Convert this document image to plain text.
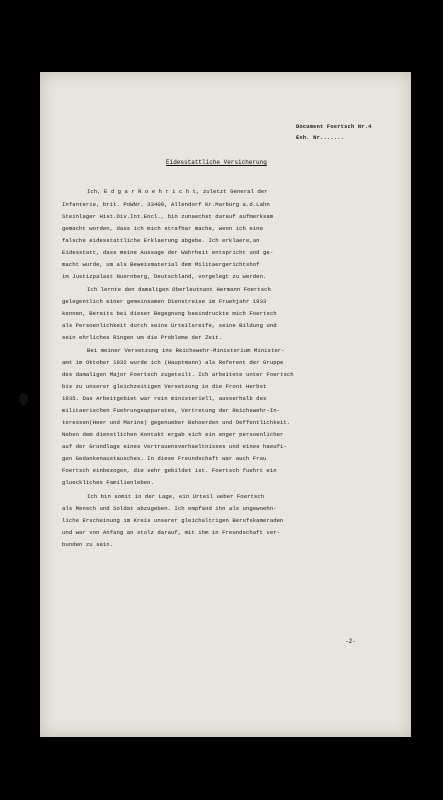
Document Foertsch Nr.4
Exh. Nr.......
Eidesstattliche Versicherung
Ich, E d g a r R o e h r i c h t, zuletzt General der
Infanterie, brit. PoWNr. 33409, Allendorf Kr.Marburg a.d.Lahn
Steinlager Hist.Div.Int.Encl., bin zunaechst darauf aufmerksam
gemacht worden, dass ich mich strafbar mache, wenn ich eine
falsche eidesstattliche Erklaerung abgebe. Ich erklaere,an
Eidesstatt, dass meine Aussage der Wahrheit entspricht und ge-
macht wurde, um als Beweismaterial dem Militaergerichtshof
im Justizpalast Nuernberg, Deutschland, vorgelegt zu werden.
Ich lernte den damaligen Oberleutnant Hermann Foertsch
gelegentlich einer gemeinsamen Dienstreise im Fruehjahr 1933
kennen, Bereits bei dieser Begegnung beeindruckte mich Foertsch
als Persoenlichkeit durch seine Urteilsreife, seine Bildung und
sein ehrliches Ringen um die Probleme der Zeit.
Bei meiner Versetzung ins Reichswehr-Ministerium Minister-
amt im Oktober 1932 wurde ich (Hauptmann) als Referent der Gruppe
des damaligen Major Foertsch zugeteilt. Ich arbeitete unter Foertsch
bis zu unserer gleichzeitigen Versetzung in die Front Herbst
1935. Das Arbeitgebiet war rein ministeriell, ausserhalb des
militaerischen Fuehrungsapparates, Vertretung der Reichswehr-In-
teressen(Heer und Marine) gegenueber Behoerden und Oeffentlichkeit.
Neben dem dienstlichen Kontakt ergab sich ein enger persoenlicher
auf der Grundlage eines Vertrauensverhaeltnisses und eines haeufi-
gen Gedankenaustausches. In diese Freundschaft war auch Frau
Foertsch einbezogen, die sehr gebildet ist. Foertsch fuehrt ein
glueckliches Familienleben.
Ich bin somit in der Lage, ein Urteil ueber Foertsch
als Mensch und Soldat abzugeben. Ich empfand ihn als ungewoehn-
liche Erscheinung im Kreis unserer gleichaltrigen Berufskameraden
und war von Anfang an stolz darauf, mit ihm in Freundschaft ver-
bunden zu sein.
-2-
